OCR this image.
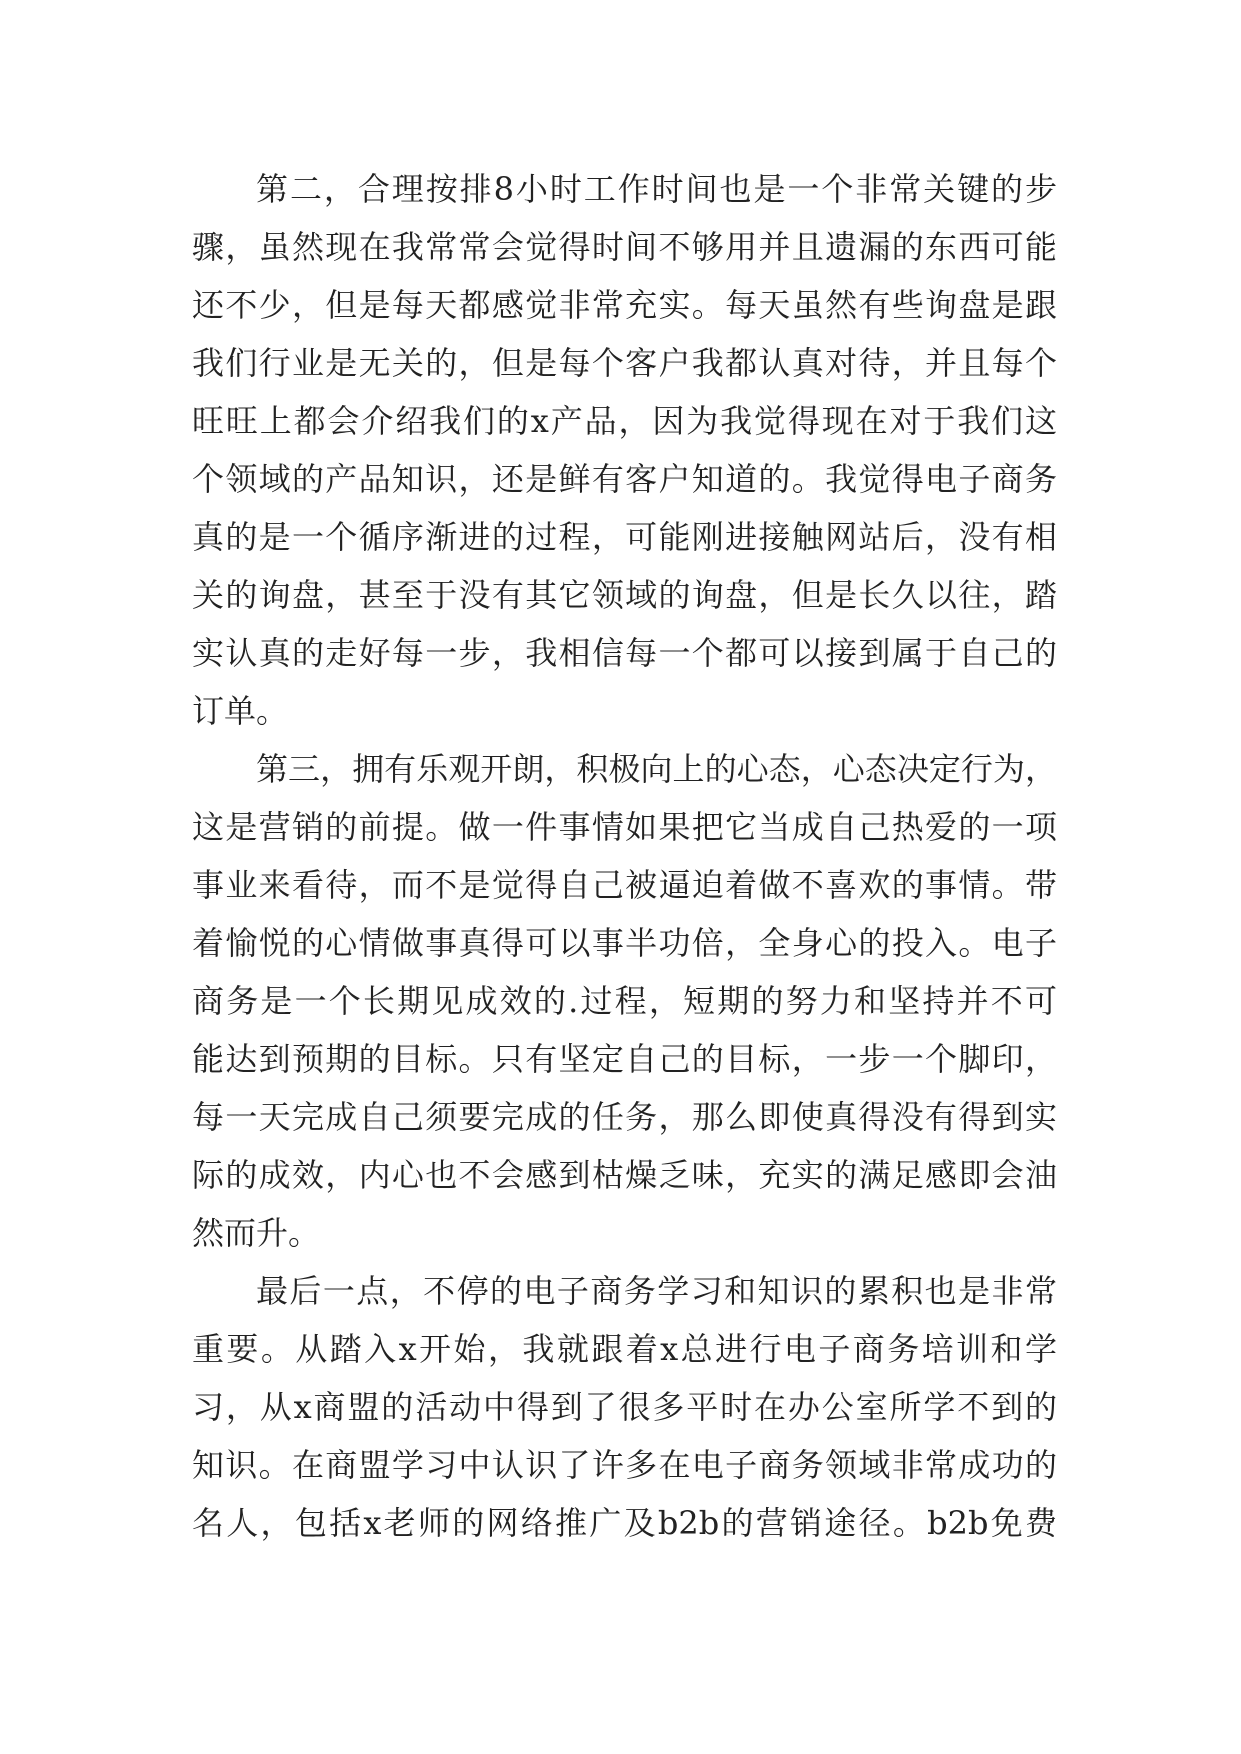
第二，合理按排8小时工作时间也是一个非常关键的步
骤，虽然现在我常常会觉得时间不够用并且遗漏的东西可能
还不少，但是每天都感觉非常充实。每天虽然有些询盘是跟
我们行业是无关的，但是每个客户我都认真对待，并且每个
旺旺上都会介绍我们的x产品，因为我觉得现在对于我们这
个领域的产品知识，还是鲜有客户知道的。我觉得电子商务
真的是一个循序渐进的过程，可能刚进接触网站后，没有相
关的询盘，甚至于没有其它领域的询盘，但是长久以往，踏
实认真的走好每一步，我相信每一个都可以接到属于自己的
订单。
第三，拥有乐观开朗，积极向上的心态，心态决定行为，
这是营销的前提。做一件事情如果把它当成自己热爱的一项
事业来看待，而不是觉得自己被逼迫着做不喜欢的事情。带
着愉悦的心情做事真得可以事半功倍，全身心的投入。电子
商务是一个长期见成效的.过程，短期的努力和坚持并不可
能达到预期的目标。只有坚定自己的目标，一步一个脚印，
每一天完成自己须要完成的任务，那么即使真得没有得到实
际的成效，内心也不会感到枯燥乏味，充实的满足感即会油
然而升。
最后一点，不停的电子商务学习和知识的累积也是非常
重要。从踏入x开始，我就跟着x总进行电子商务培训和学
习，从x商盟的活动中得到了很多平时在办公室所学不到的
知识。在商盟学习中认识了许多在电子商务领域非常成功的
名人，包括x老师的网络推广及b2b的营销途径。b2b免费
